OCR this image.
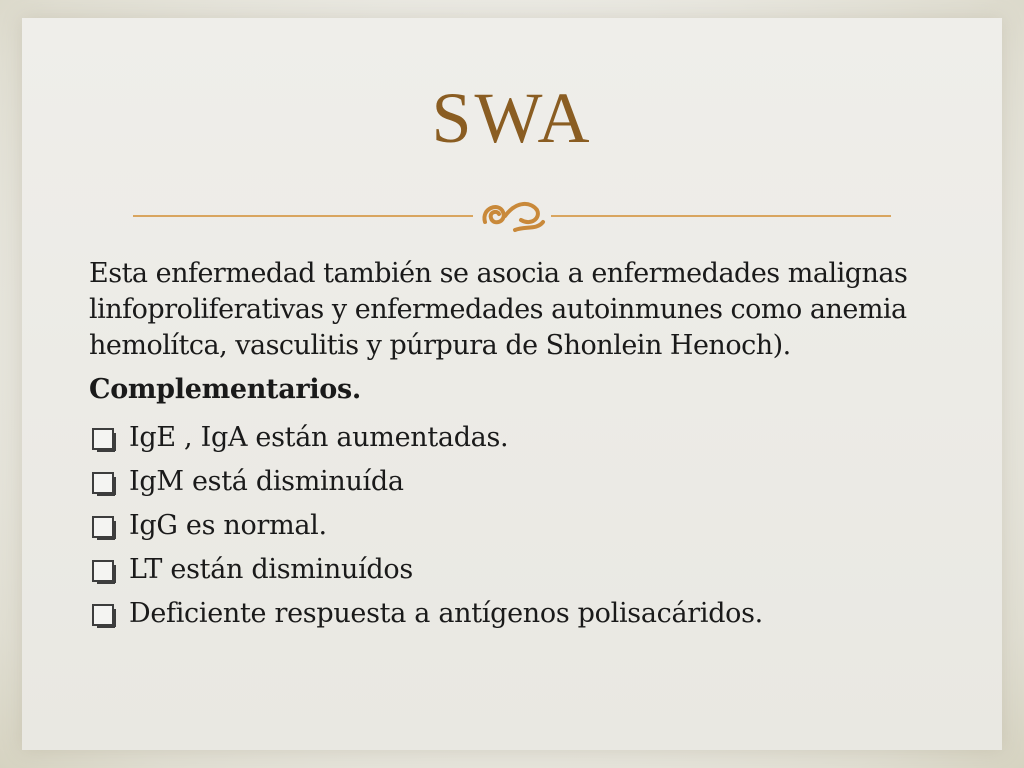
SWA

Esta enfermedad también se asocia a enfermedades malignas linfoproliferativas y enfermedades autoinmunes como anemia hemolítca, vasculitis y púrpura de Shonlein Henoch).

Complementarios.

IgE , IgA están aumentadas.
IgM está disminuída
IgG es normal.
LT están disminuídos
Deficiente respuesta a antígenos polisacáridos.
